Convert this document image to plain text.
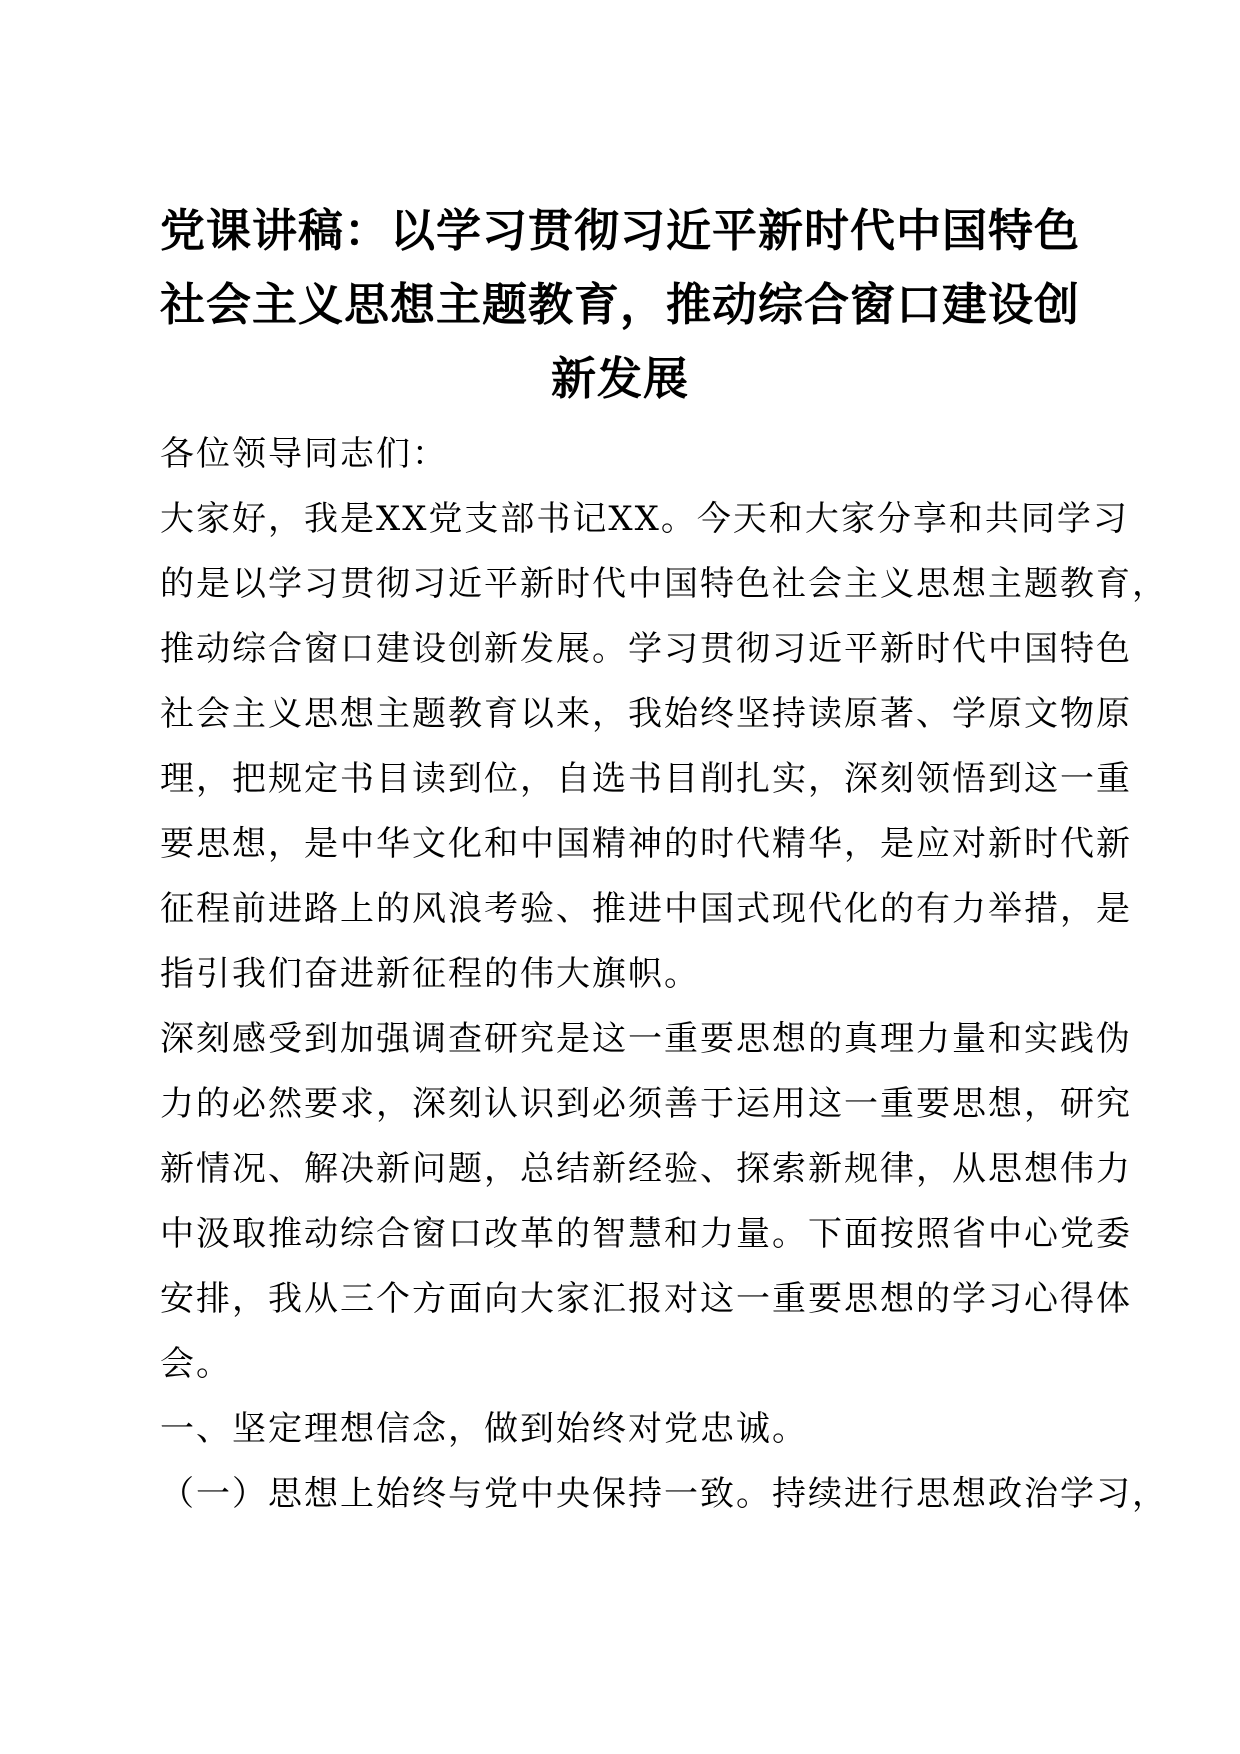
党课讲稿：以学习贯彻习近平新时代中国特色
社会主义思想主题教育，推动综合窗口建设创
新发展

各位领导同志们：

大家好，我是XX党支部书记XX。今天和大家分享和共同学习
的是以学习贯彻习近平新时代中国特色社会主义思想主题教育，
推动综合窗口建设创新发展。学习贯彻习近平新时代中国特色
社会主义思想主题教育以来，我始终坚持读原著、学原文物原
理，把规定书目读到位，自选书目削扎实，深刻领悟到这一重
要思想，是中华文化和中国精神的时代精华，是应对新时代新
征程前进路上的风浪考验、推进中国式现代化的有力举措，是
指引我们奋进新征程的伟大旗帜。

深刻感受到加强调查研究是这一重要思想的真理力量和实践伪
力的必然要求，深刻认识到必须善于运用这一重要思想，研究
新情况、解决新问题，总结新经验、探索新规律，从思想伟力
中汲取推动综合窗口改革的智慧和力量。下面按照省中心党委
安排，我从三个方面向大家汇报对这一重要思想的学习心得体
会。

一、坚定理想信念，做到始终对党忠诚。

（一）思想上始终与党中央保持一致。持续进行思想政治学习，
